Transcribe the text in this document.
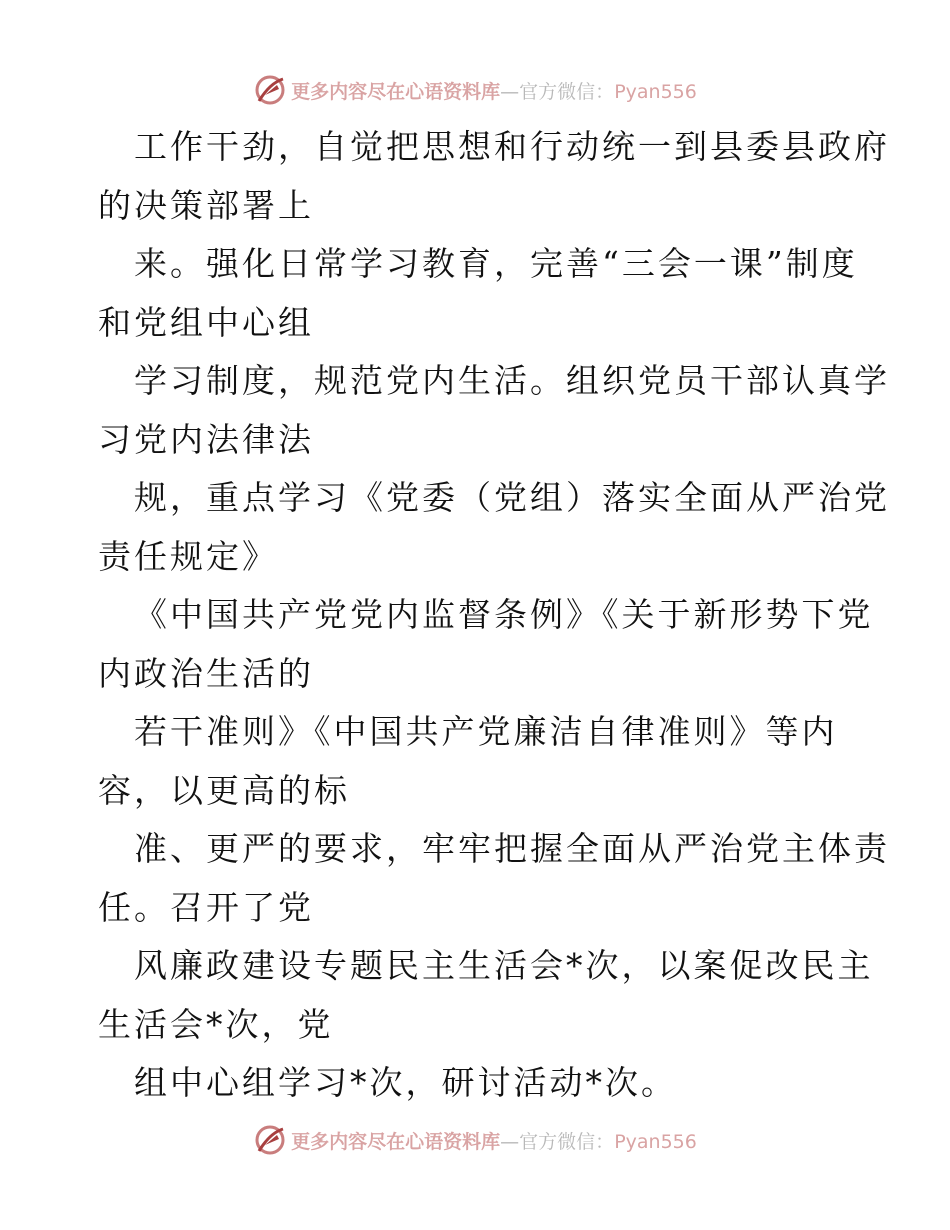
更多内容尽在心语资料库—官方微信：Pyan556
工作干劲，自觉把思想和行动统一到县委县政府
的决策部署上
来。强化日常学习教育，完善“三会一课”制度
和党组中心组
学习制度，规范党内生活。组织党员干部认真学
习党内法律法
规，重点学习《党委（党组）落实全面从严治党
责任规定》
《中国共产党党内监督条例》《关于新形势下党
内政治生活的
若干准则》《中国共产党廉洁自律准则》等内
容，以更高的标
准、更严的要求，牢牢把握全面从严治党主体责
任。召开了党
风廉政建设专题民主生活会*次，以案促改民主
生活会*次，党
组中心组学习*次，研讨活动*次。
更多内容尽在心语资料库—官方微信：Pyan556
